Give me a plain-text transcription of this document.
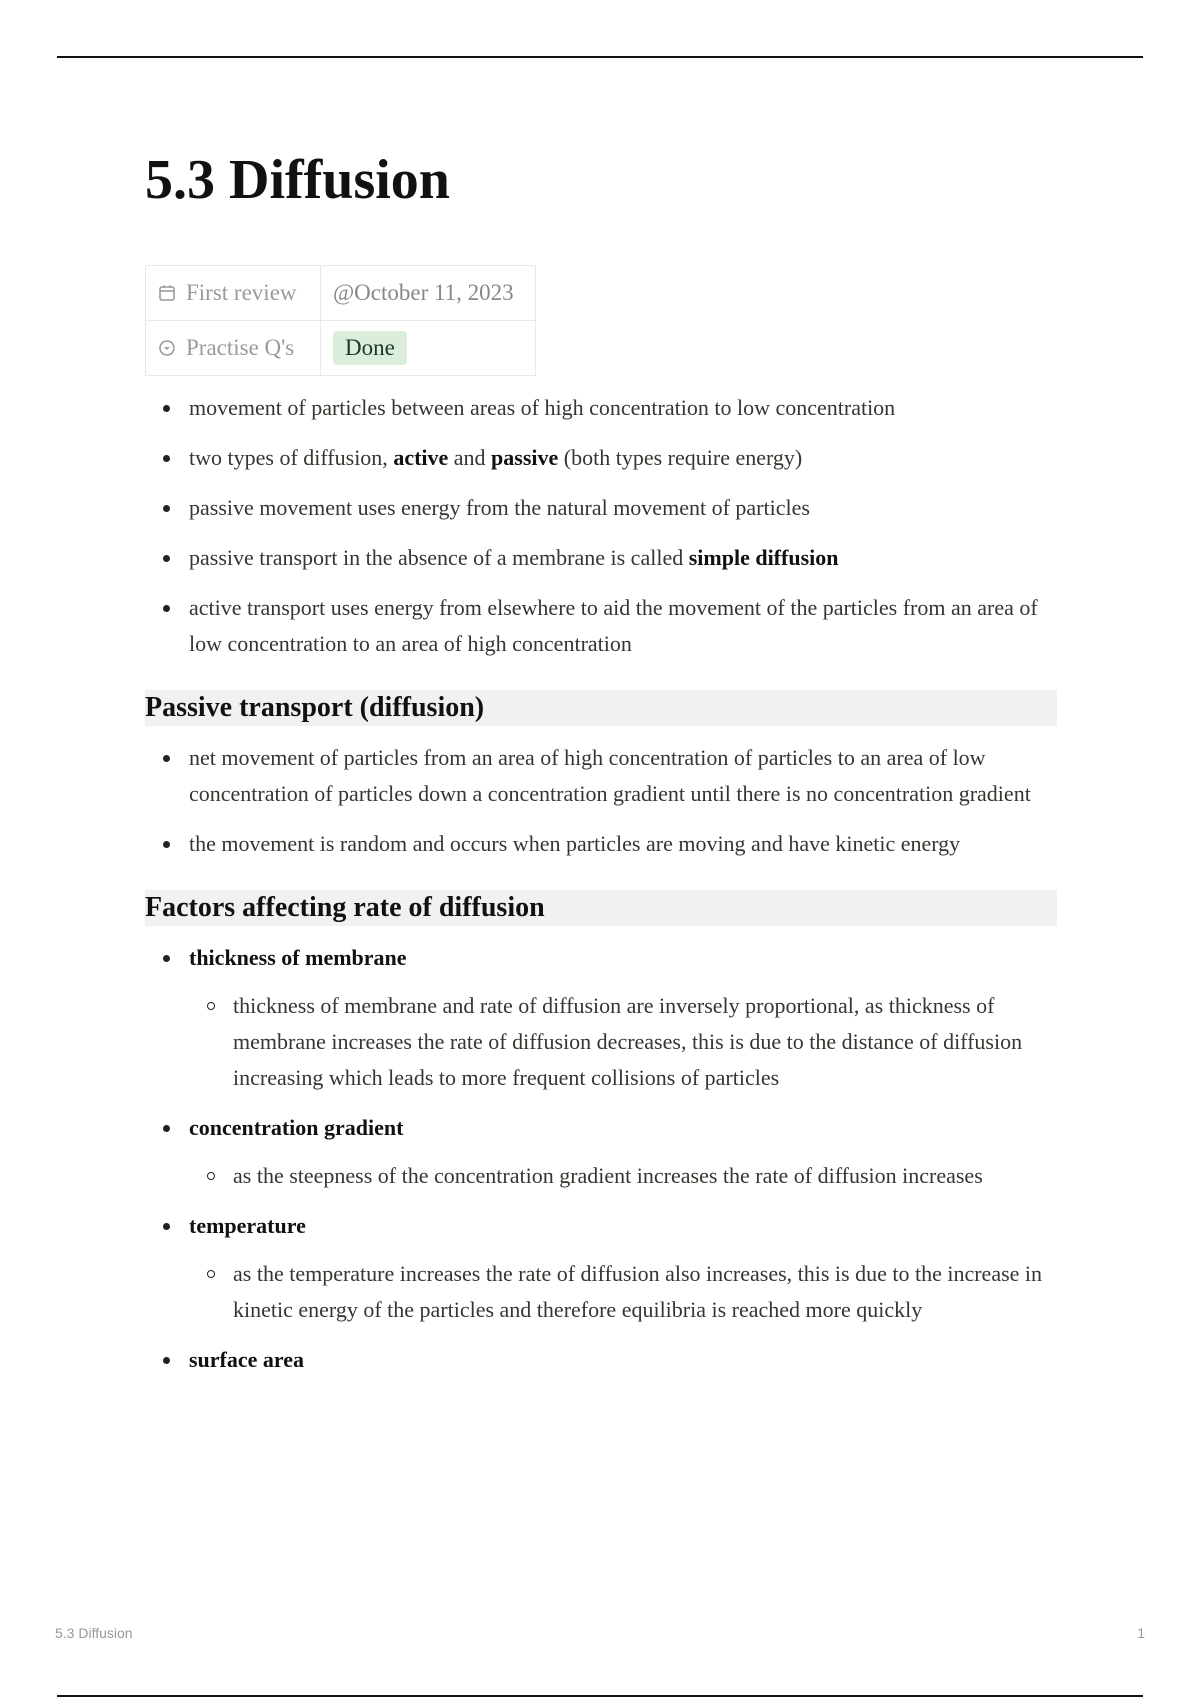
5.3 Diffusion
First review	@October 11, 2023
Practise Q's	Done
movement of particles between areas of high concentration to low concentration
two types of diffusion, active and passive (both types require energy)
passive movement uses energy from the natural movement of particles
passive transport in the absence of a membrane is called simple diffusion
active transport uses energy from elsewhere to aid the movement of the particles from an area of low concentration to an area of high concentration
Passive transport (diffusion)
net movement of particles from an area of high concentration of particles to an area of low concentration of particles down a concentration gradient until there is no concentration gradient
the movement is random and occurs when particles are moving and have kinetic energy
Factors affecting rate of diffusion
thickness of membrane
thickness of membrane and rate of diffusion are inversely proportional, as thickness of membrane increases the rate of diffusion decreases, this is due to the distance of diffusion increasing which leads to more frequent collisions of particles
concentration gradient
as the steepness of the concentration gradient increases the rate of diffusion increases
temperature
as the temperature increases the rate of diffusion also increases, this is due to the increase in kinetic energy of the particles and therefore equilibria is reached more quickly
surface area
5.3 Diffusion	1
